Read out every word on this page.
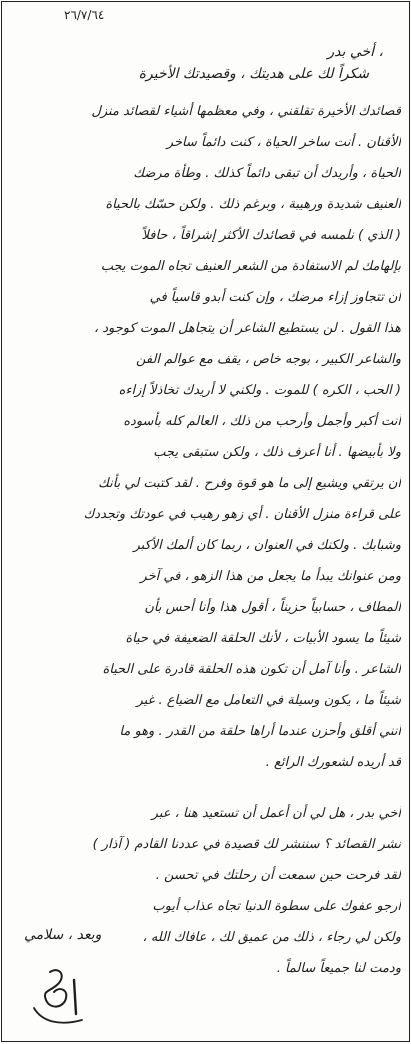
٢٦/٧/٦٤
أخي بدر ،
شكراً لك على هديتك ، وقصيدتك الأخيرة
قصائدك الأخيرة تقلقني ، وفي معظمها أشياء لقصائد منزل
الأقنان . أنت ساخر الحياة ، كنت دائماً ساخر
الحياة ، وأريدك أن تبقى دائماً كذلك . وطأة مرضك
العنيف شديدة ورهيبة ، وبرغم ذلك . ولكن حسّك بالحياة
( الذي ) نلمسه في قصائدك الأكثر إشراقاً ، حافلاً
بإلهامك لم الاستفادة من الشعر العنيف تجاه الموت يجب
أن تتجاوز إزاء مرضك ، وإن كنت أبدو قاسياً في
هذا القول . لن يستطيع الشاعر أن يتجاهل الموت كوجود ،
والشاعر الكبير ، بوجه خاص ، يقف مع عوالم الفن
( الحب ، الكره ) للموت . ولكني لا أريدك تخاذلاً إزاءه
أنت أكبر وأجمل وأرحب من ذلك ، العالم كله بأسوده
ولا بأبيضها . أنا أعرف ذلك ، ولكن ستبقى يجب
أن يرتقي ويشيع إلى ما هو قوة وفرح . لقد كتبت لي بأنك
على قراءة منزل الأقنان . أي زهو رهيب في عودتك وتجددك
وشبابك . ولكنك في العنوان ، ربما كان ألمك الأكبر
ومن عنوانك يبدأ ما يجعل من هذا الزهو ، في آخر
المطاف ، حسابياً حزيناً ، أقول هذا وأنا أحس بأن
شيئاً ما يسود الأبيات ، لأنك الحلقة الضعيفة في حياة
الشاعر . وأنا آمل أن تكون هذه الحلقة قادرة على الحياة
شيئاً ما ، يكون وسيلة في التعامل مع الضياع . غير
أنني أقلق وأحزن عندما أراها حلقة من القدر . وهو ما
قد أريده لشعورك الرائع .
أخي بدر ، هل لي أن أعمل أن تستعيد هنا ، عبر
نشر القصائد ؟ سننشر لك قصيدة في عددنا القادم ( آذار )
لقد فرحت حين سمعت أن رحلتك في تحسن .
أرجو عفوك على سطوة الدنيا تجاه عذاب أيوب
ولكن لي رجاء ، ذلك من عميق لك ، عافاك الله ،
ودمت لنا جميعاً سالماً .
وبعد ، سلامي
